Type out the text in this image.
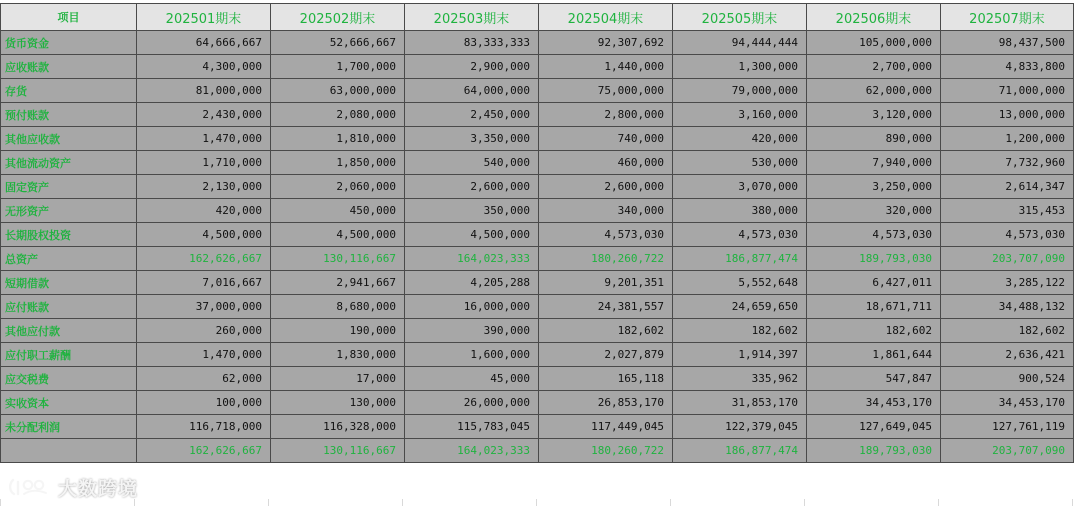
项目	202501期末	202502期末	202503期末	202504期末	202505期末	202506期末	202507期末
货币资金	64,666,667	52,666,667	83,333,333	92,307,692	94,444,444	105,000,000	98,437,500
应收账款	4,300,000	1,700,000	2,900,000	1,440,000	1,300,000	2,700,000	4,833,800
存货	81,000,000	63,000,000	64,000,000	75,000,000	79,000,000	62,000,000	71,000,000
预付账款	2,430,000	2,080,000	2,450,000	2,800,000	3,160,000	3,120,000	13,000,000
其他应收款	1,470,000	1,810,000	3,350,000	740,000	420,000	890,000	1,200,000
其他流动资产	1,710,000	1,850,000	540,000	460,000	530,000	7,940,000	7,732,960
固定资产	2,130,000	2,060,000	2,600,000	2,600,000	3,070,000	3,250,000	2,614,347
无形资产	420,000	450,000	350,000	340,000	380,000	320,000	315,453
长期股权投资	4,500,000	4,500,000	4,500,000	4,573,030	4,573,030	4,573,030	4,573,030
总资产	162,626,667	130,116,667	164,023,333	180,260,722	186,877,474	189,793,030	203,707,090
短期借款	7,016,667	2,941,667	4,205,288	9,201,351	5,552,648	6,427,011	3,285,122
应付账款	37,000,000	8,680,000	16,000,000	24,381,557	24,659,650	18,671,711	34,488,132
其他应付款	260,000	190,000	390,000	182,602	182,602	182,602	182,602
应付职工薪酬	1,470,000	1,830,000	1,600,000	2,027,879	1,914,397	1,861,644	2,636,421
应交税费	62,000	17,000	45,000	165,118	335,962	547,847	900,524
实收资本	100,000	130,000	26,000,000	26,853,170	31,853,170	34,453,170	34,453,170
未分配利润	116,718,000	116,328,000	115,783,045	117,449,045	122,379,045	127,649,045	127,761,119
	162,626,667	130,116,667	164,023,333	180,260,722	186,877,474	189,793,030	203,707,090
大数跨境
